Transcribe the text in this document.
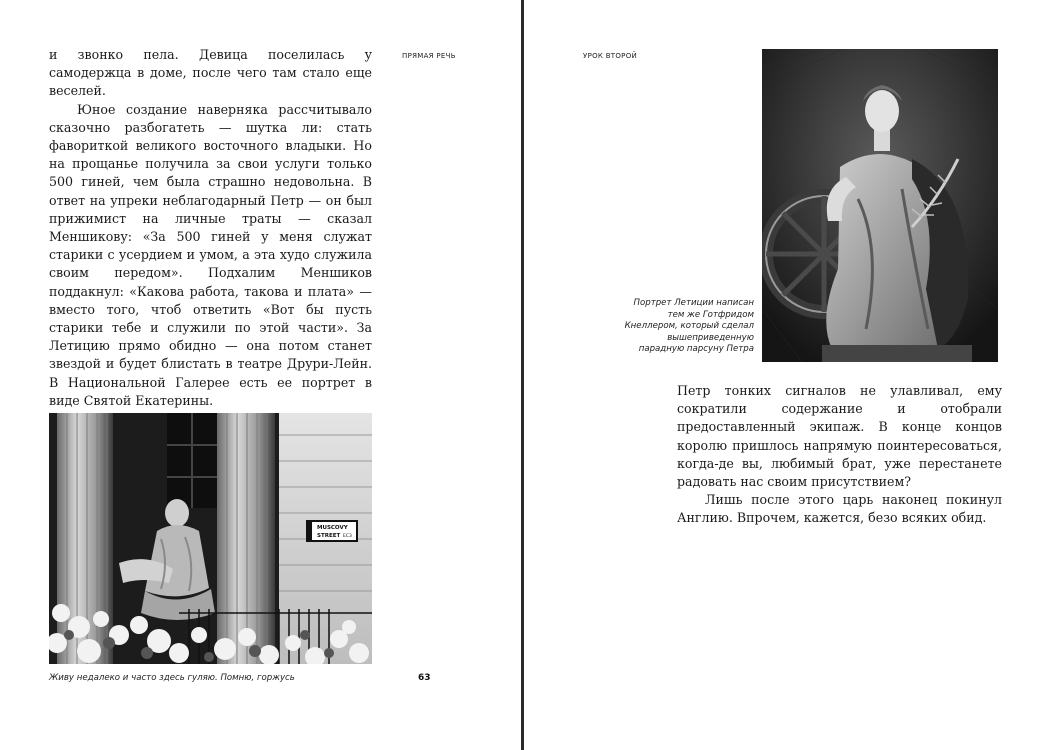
ПРЯМАЯ РЕЧЬ

и звонко пела. Девица поселилась у самодержца в доме, после чего там стало еще веселей.

Юное создание наверняка рассчитывало сказочно разбогатеть — шутка ли: стать фавориткой великого восточного владыки. Но на прощанье получила за свои услуги только 500 гиней, чем была страшно недовольна. В ответ на упреки неблагодарный Петр — он был прижимист на личные траты — сказал Меншикову: «За 500 гиней у меня служат старики с усердием и умом, а эта худо служила своим передом». Подхалим Меншиков поддакнул: «Какова работа, такова и плата» — вместо того, чтоб ответить «Вот бы пусть старики тебе и служили по этой части». За Летицию прямо обидно — она потом станет звездой и будет блистать в театре Друри-Лейн. В Национальной Галерее есть ее портрет в виде Святой Екатерины.

MUSCOVY
STREET EC3
Живу недалеко и часто здесь гуляю. Помню, горжусь	63
УРОК ВТОРОЙ
Портрет Летиции написан тем же Готфридом Кнеллером, который сделал вышеприведенную парадную парсуну Петра

Петр тонких сигналов не улавливал, ему сократили содержание и отобрали предоставленный экипаж. В конце концов королю пришлось напрямую поинтересоваться, когда-де вы, любимый брат, уже перестанете радовать нас своим присутствием?

Лишь после этого царь наконец покинул Англию. Впрочем, кажется, безо всяких обид.
